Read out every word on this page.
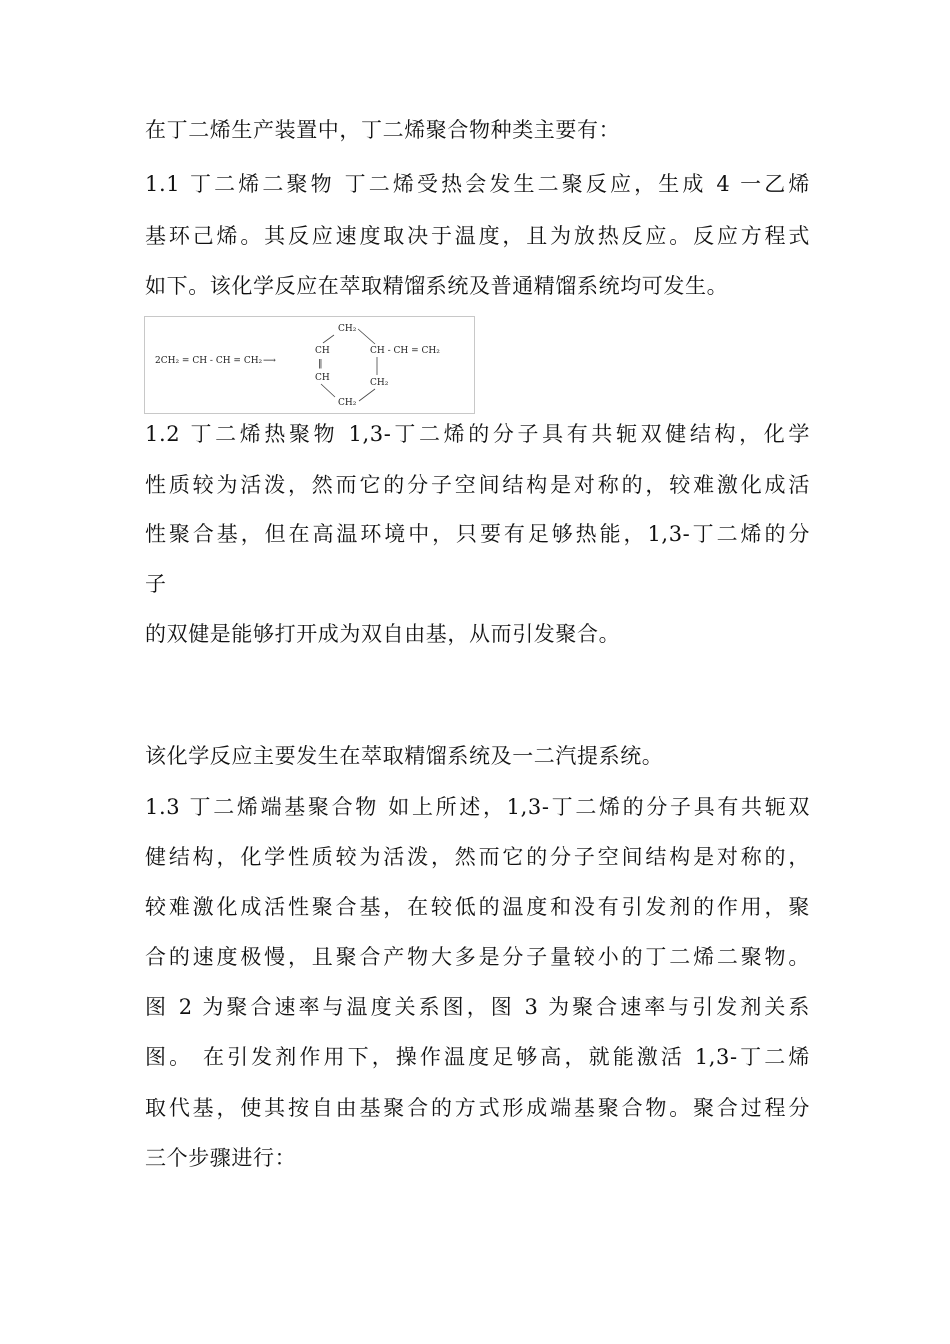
在丁二烯生产装置中，丁二烯聚合物种类主要有：
1.1 丁二烯二聚物 丁二烯受热会发生二聚反应，生成 4 一乙烯
基环己烯。其反应速度取决于温度，且为放热反应。反应方程式
如下。该化学反应在萃取精馏系统及普通精馏系统均可发生。
2CH₂ = CH - CH = CH₂ ⟶
CH₂
CH
‖
CH
CH - CH = CH₂
CH₂
CH₂
1.2 丁二烯热聚物 1,3-丁二烯的分子具有共轭双健结构，化学
性质较为活泼，然而它的分子空间结构是对称的，较难激化成活
性聚合基，但在高温环境中，只要有足够热能，1,3-丁二烯的分
子
的双健是能够打开成为双自由基，从而引发聚合。
该化学反应主要发生在萃取精馏系统及一二汽提系统。
1.3 丁二烯端基聚合物 如上所述，1,3-丁二烯的分子具有共轭双
健结构，化学性质较为活泼，然而它的分子空间结构是对称的，
较难激化成活性聚合基，在较低的温度和没有引发剂的作用，聚
合的速度极慢，且聚合产物大多是分子量较小的丁二烯二聚物。
图 2 为聚合速率与温度关系图，图 3 为聚合速率与引发剂关系
图。 在引发剂作用下，操作温度足够高，就能激活 1,3-丁二烯
取代基，使其按自由基聚合的方式形成端基聚合物。聚合过程分
三个步骤进行：
